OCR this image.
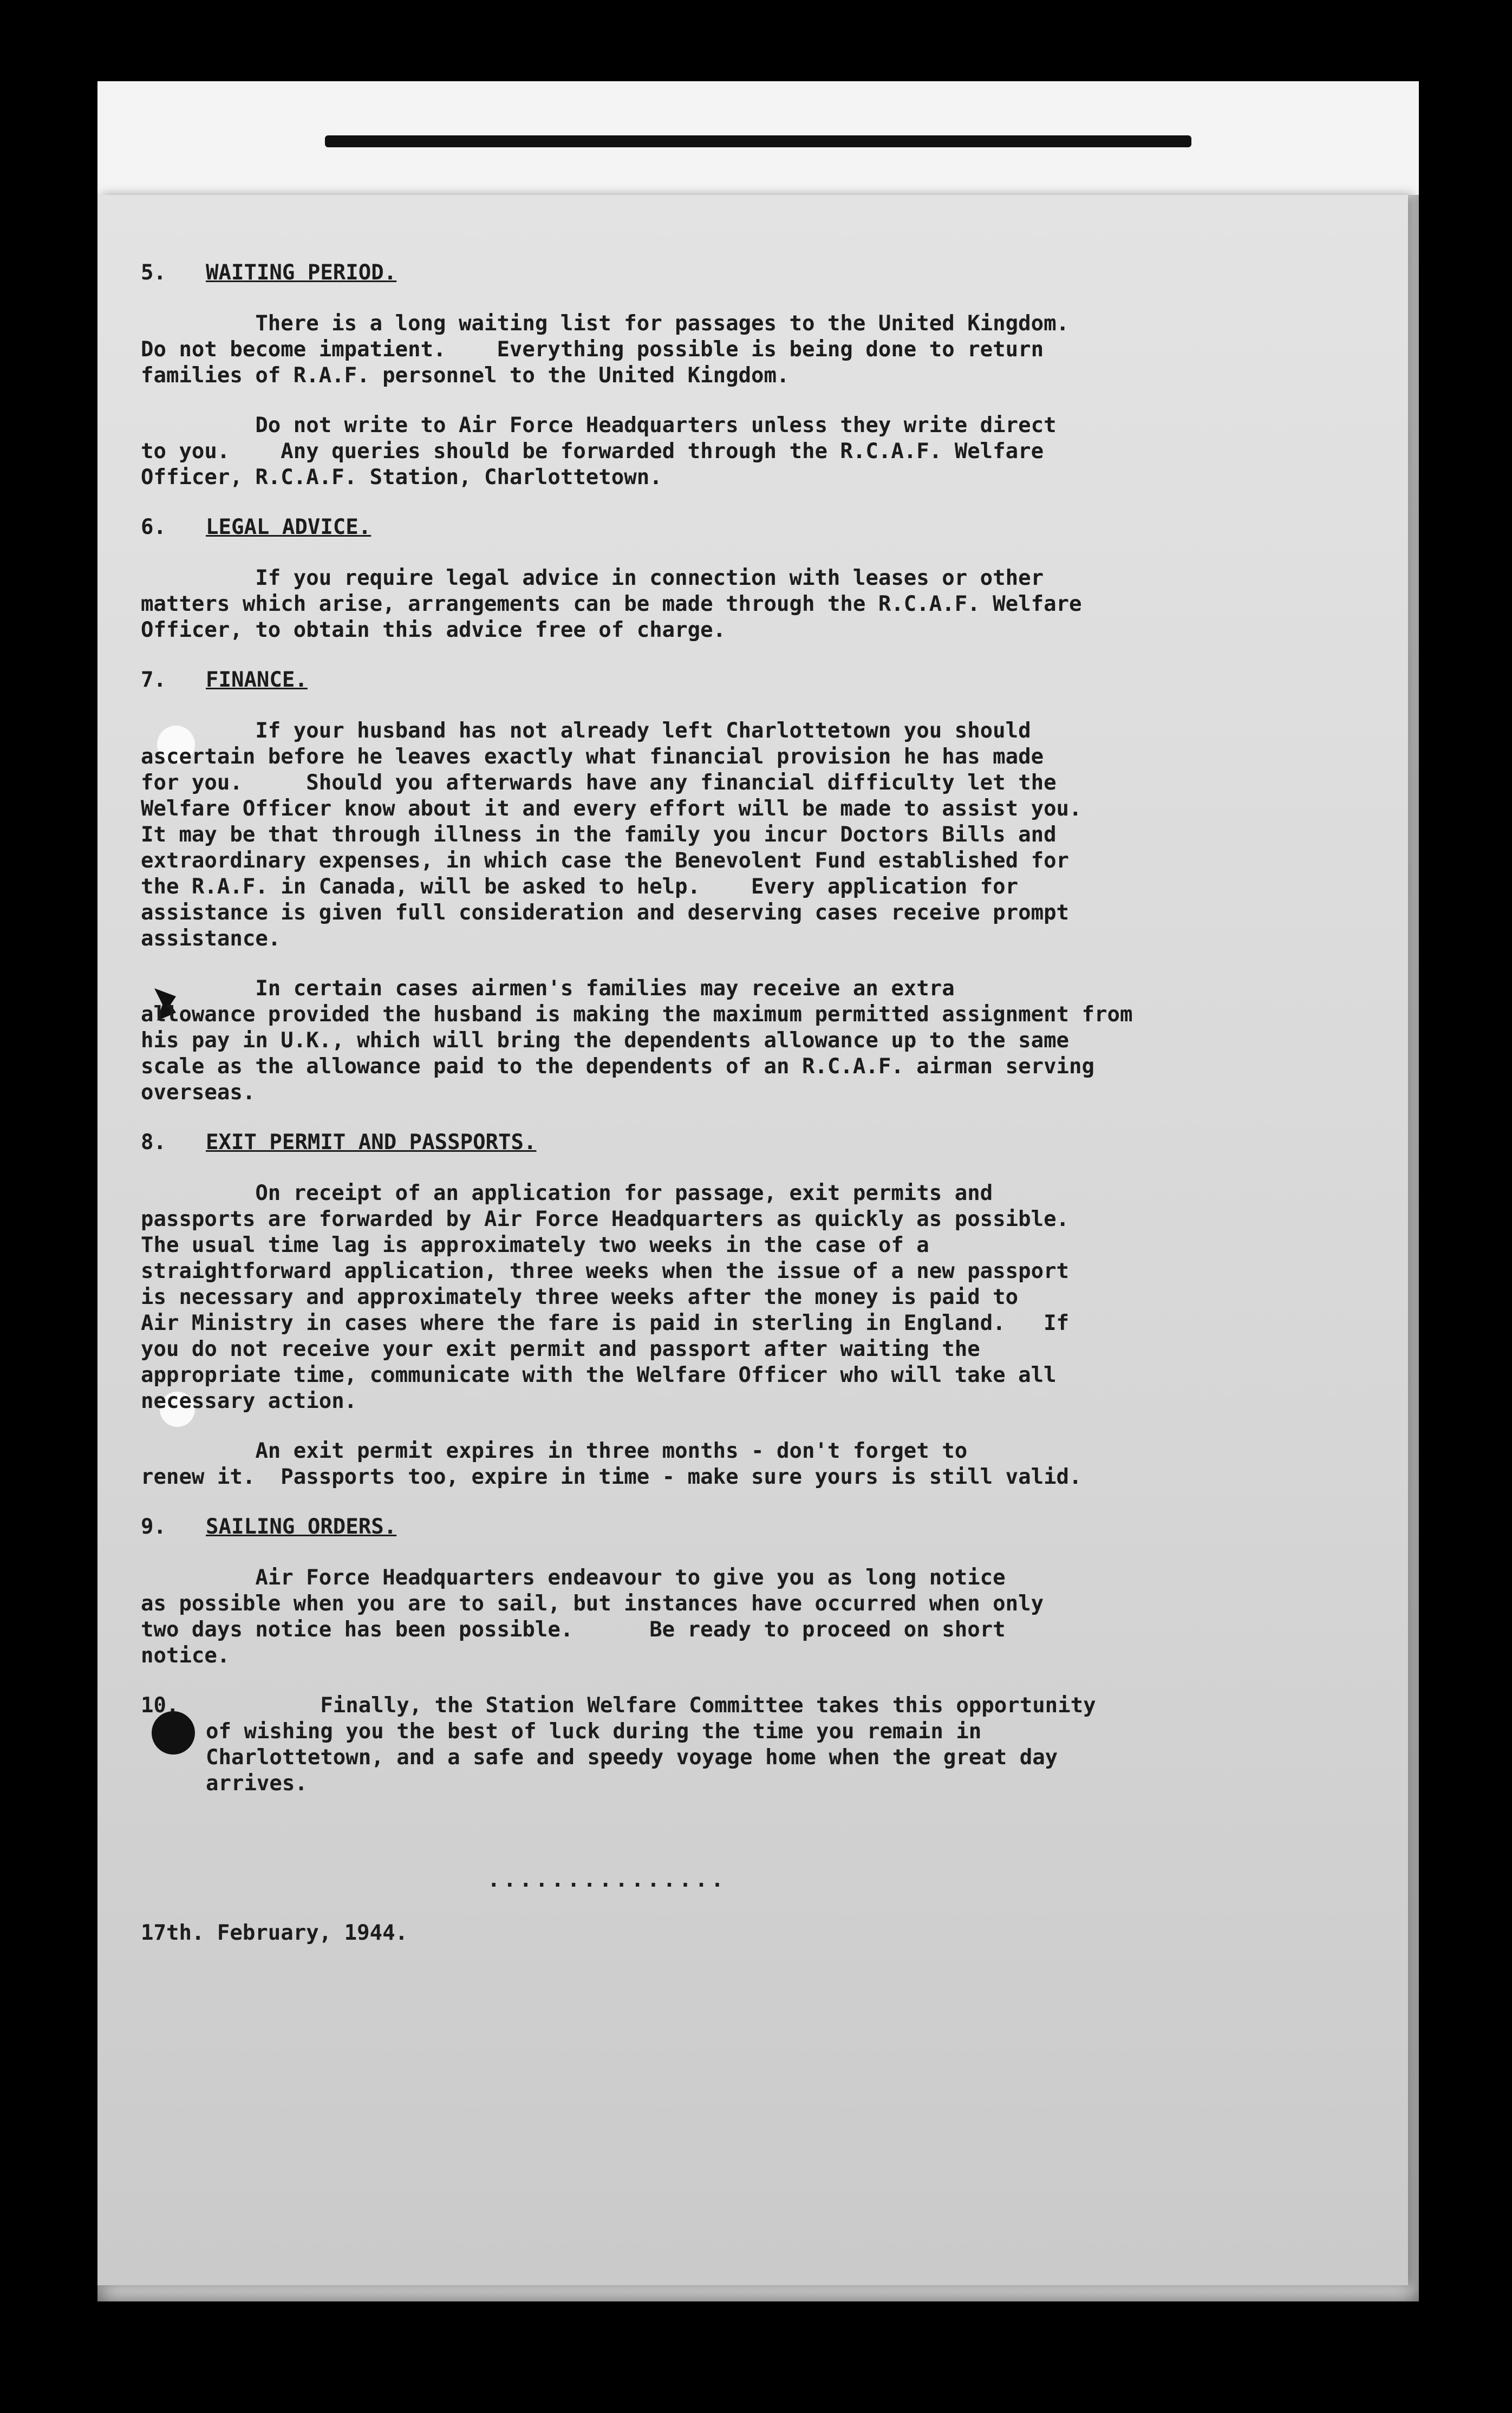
5.	WAITING PERIOD.

There is a long waiting list for passages to the United Kingdom.
Do not become impatient.    Everything possible is being done to return
families of R.A.F. personnel to the United Kingdom.

Do not write to Air Force Headquarters unless they write direct
to you.    Any queries should be forwarded through the R.C.A.F. Welfare
Officer, R.C.A.F. Station, Charlottetown.

6.	LEGAL ADVICE.

If you require legal advice in connection with leases or other
matters which arise, arrangements can be made through the R.C.A.F. Welfare
Officer, to obtain this advice free of charge.

7.	FINANCE.

If your husband has not already left Charlottetown you should
ascertain before he leaves exactly what financial provision he has made
for you.     Should you afterwards have any financial difficulty let the
Welfare Officer know about it and every effort will be made to assist you.
It may be that through illness in the family you incur Doctors Bills and
extraordinary expenses, in which case the Benevolent Fund established for
the R.A.F. in Canada, will be asked to help.    Every application for
assistance is given full consideration and deserving cases receive prompt
assistance.

In certain cases airmen's families may receive an extra
allowance provided the husband is making the maximum permitted assignment from
his pay in U.K., which will bring the dependents allowance up to the same
scale as the allowance paid to the dependents of an R.C.A.F. airman serving
overseas.

8.	EXIT PERMIT AND PASSPORTS.

On receipt of an application for passage, exit permits and
passports are forwarded by Air Force Headquarters as quickly as possible.
The usual time lag is approximately two weeks in the case of a
straightforward application, three weeks when the issue of a new passport
is necessary and approximately three weeks after the money is paid to
Air Ministry in cases where the fare is paid in sterling in England.   If
you do not receive your exit permit and passport after waiting the
appropriate time, communicate with the Welfare Officer who will take all
necessary action.

An exit permit expires in three months - don't forget to
renew it.  Passports too, expire in time - make sure yours is still valid.

9.	SAILING ORDERS.

Air Force Headquarters endeavour to give you as long notice
as possible when you are to sail, but instances have occurred when only
two days notice has been possible.      Be ready to proceed on short
notice.

10.	Finally, the Station Welfare Committee takes this opportunity
of wishing you the best of luck during the time you remain in
Charlottetown, and a safe and speedy voyage home when the great day
arrives.
...............
17th. February, 1944.
